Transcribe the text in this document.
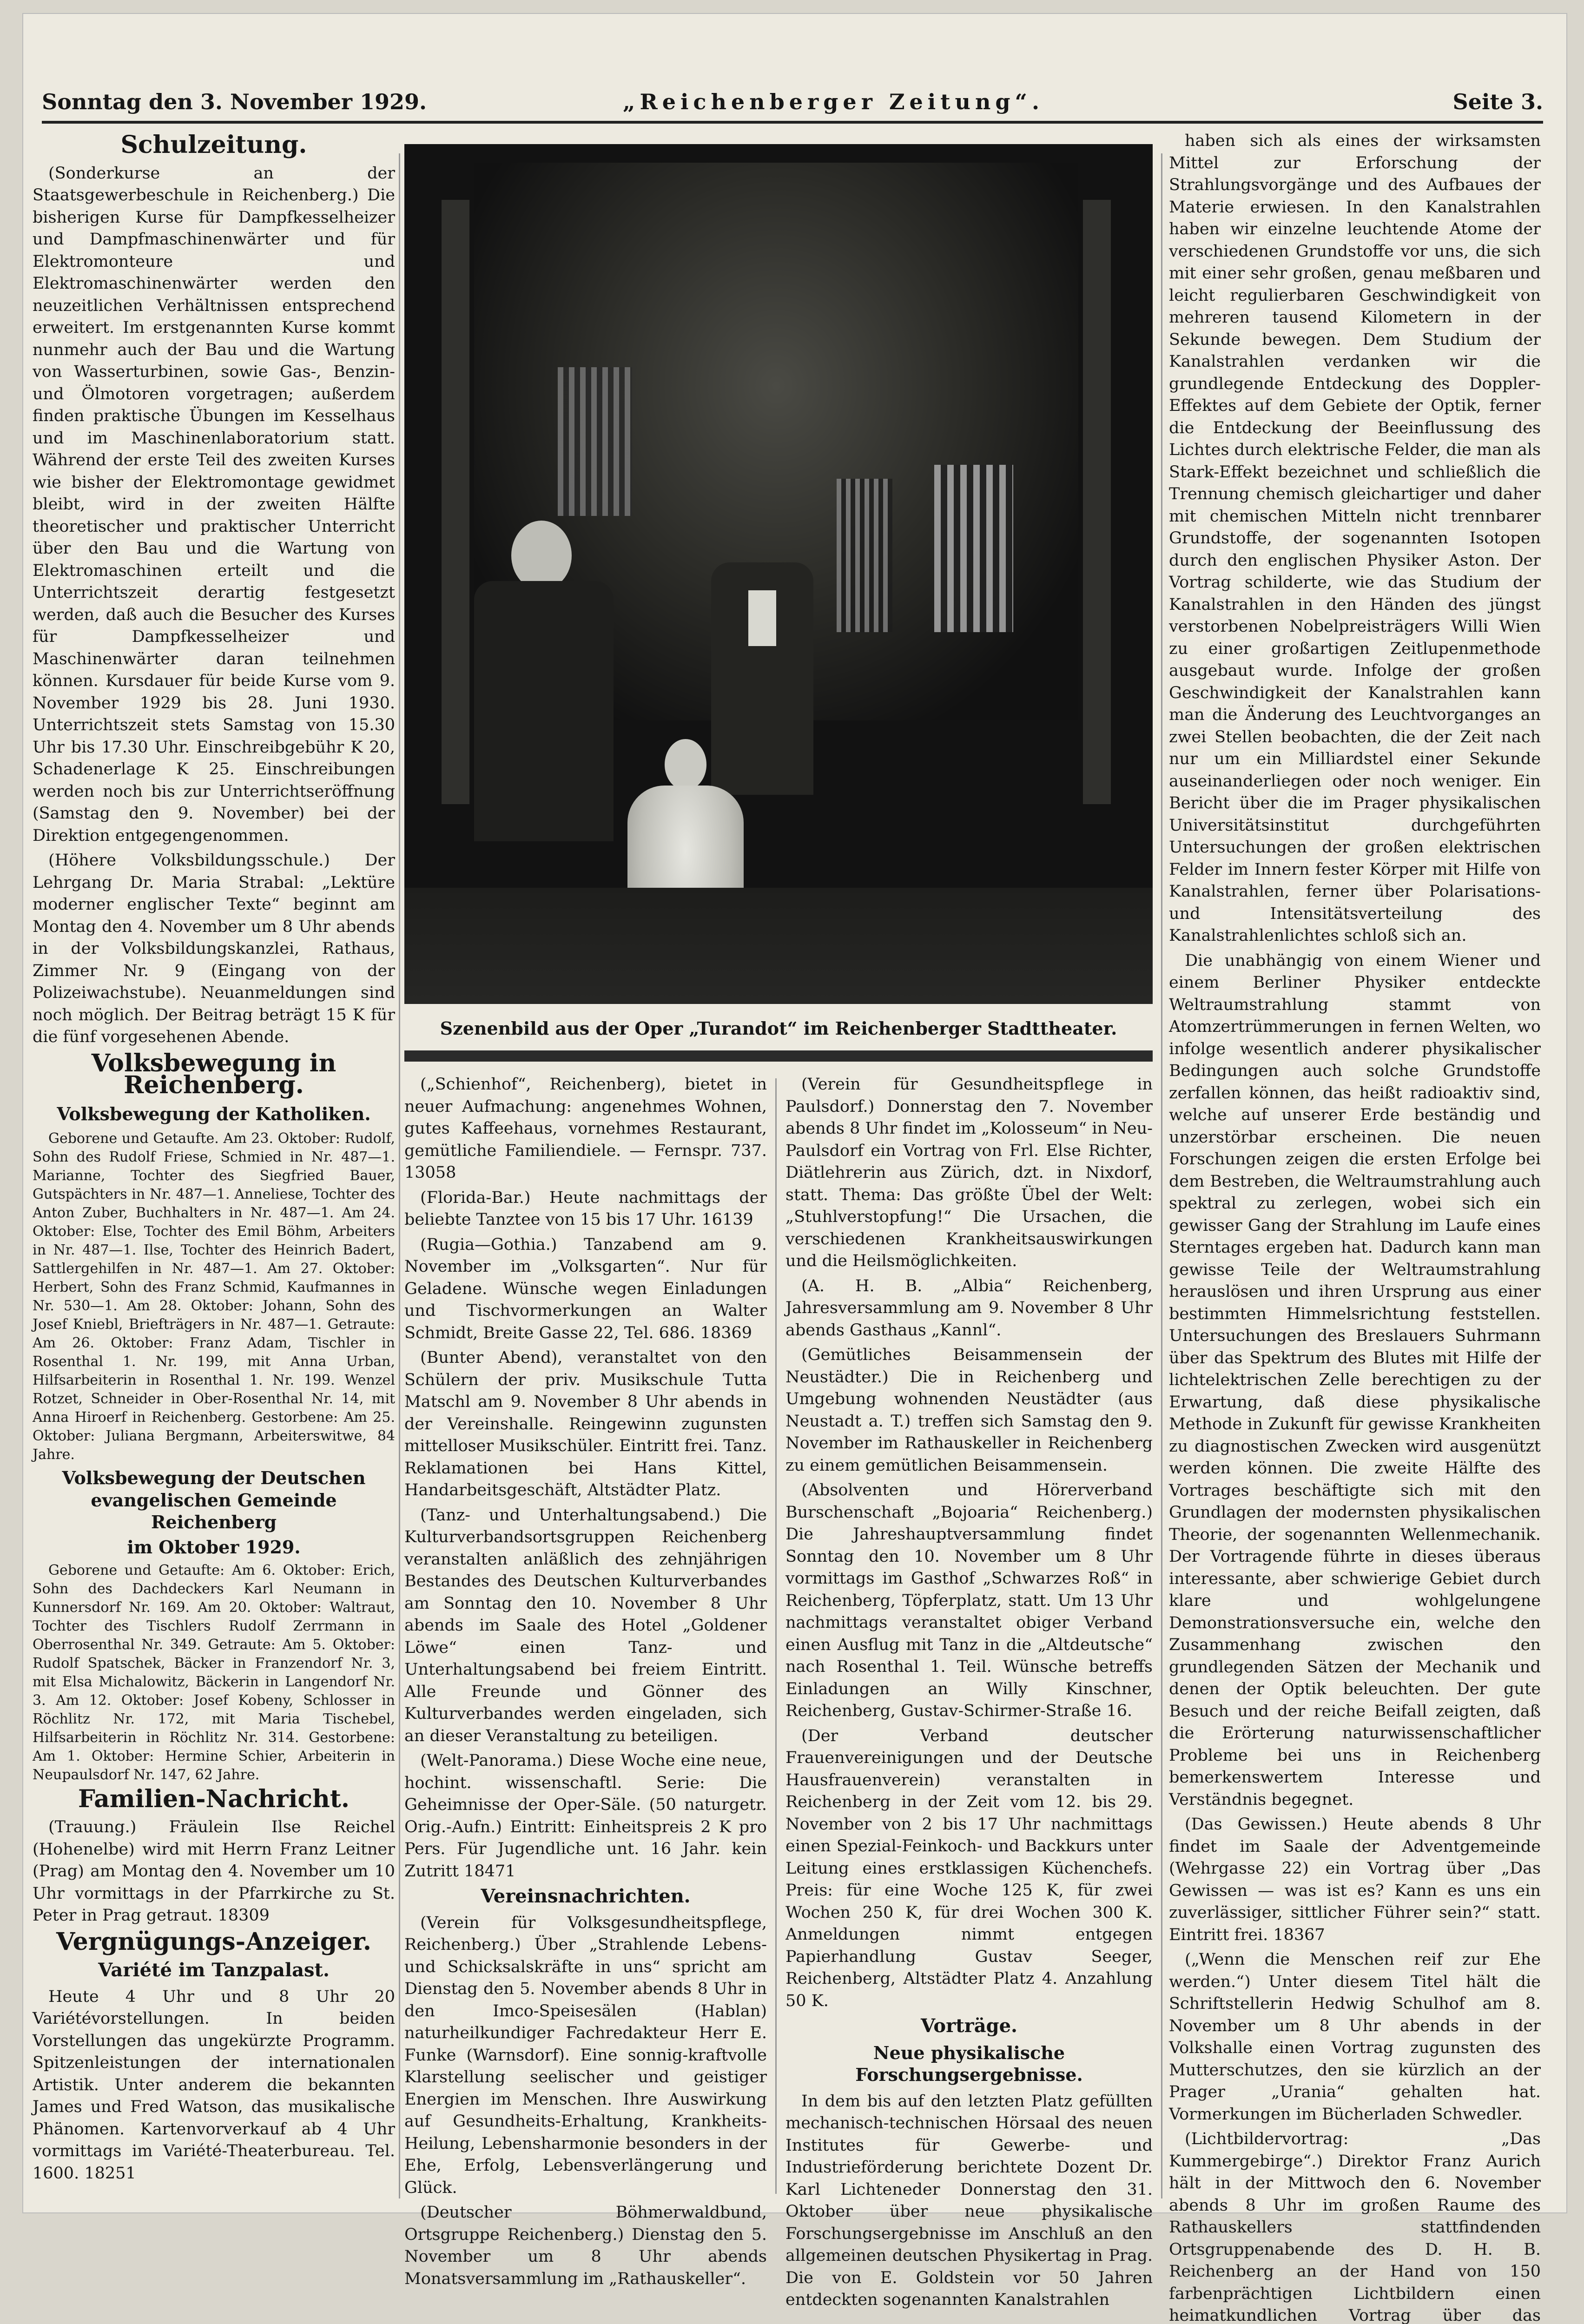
Sonntag den 3. November 1929.	„Reichenberger Zeitung“.	Seite 3.
Schulzeitung.

(Sonderkurse an der Staatsgewerbeschule in Reichenberg.) Die bisherigen Kurse für Dampfkesselheizer und Dampfmaschinenwärter und für Elektromonteure und Elektromaschinenwärter werden den neuzeitlichen Verhältnissen entsprechend erweitert. Im erstgenannten Kurse kommt nunmehr auch der Bau und die Wartung von Wasserturbinen, sowie Gas-, Benzin- und Ölmotoren vorgetragen; außerdem finden praktische Übungen im Kesselhaus und im Maschinenlaboratorium statt. Während der erste Teil des zweiten Kurses wie bisher der Elektromontage gewidmet bleibt, wird in der zweiten Hälfte theoretischer und praktischer Unterricht über den Bau und die Wartung von Elektromaschinen erteilt und die Unterrichtszeit derartig festgesetzt werden, daß auch die Besucher des Kurses für Dampfkesselheizer und Maschinenwärter daran teilnehmen können. Kursdauer für beide Kurse vom 9. November 1929 bis 28. Juni 1930. Unterrichtszeit stets Samstag von 15.30 Uhr bis 17.30 Uhr. Einschreibgebühr K 20, Schadenerlage K 25. Einschreibungen werden noch bis zur Unterrichtseröffnung (Samstag den 9. November) bei der Direktion entgegengenommen.

(Höhere Volksbildungsschule.) Der Lehrgang Dr. Maria Strabal: „Lektüre moderner englischer Texte“ beginnt am Montag den 4. November um 8 Uhr abends in der Volksbildungskanzlei, Rathaus, Zimmer Nr. 9 (Eingang von der Polizeiwachstube). Neuanmeldungen sind noch möglich. Der Beitrag beträgt 15 K für die fünf vorgesehenen Abende.

Volksbewegung in Reichenberg.
Volksbewegung der Katholiken.

Geborene und Getaufte. Am 23. Oktober: Rudolf, Sohn des Rudolf Friese, Schmied in Nr. 487—1. Marianne, Tochter des Siegfried Bauer, Gutspächters in Nr. 487—1. Anneliese, Tochter des Anton Zuber, Buchhalters in Nr. 487—1. Am 24. Oktober: Else, Tochter des Emil Böhm, Arbeiters in Nr. 487—1. Ilse, Tochter des Heinrich Badert, Sattlergehilfen in Nr. 487—1. Am 27. Oktober: Herbert, Sohn des Franz Schmid, Kaufmannes in Nr. 530—1. Am 28. Oktober: Johann, Sohn des Josef Kniebl, Briefträgers in Nr. 487—1. Getraute: Am 26. Oktober: Franz Adam, Tischler in Rosenthal 1. Nr. 199, mit Anna Urban, Hilfsarbeiterin in Rosenthal 1. Nr. 199. Wenzel Rotzet, Schneider in Ober-Rosenthal Nr. 14, mit Anna Hiroerf in Reichenberg. Gestorbene: Am 25. Oktober: Juliana Bergmann, Arbeiterswitwe, 84 Jahre.

Volksbewegung der Deutschen evangelischen Gemeinde Reichenberg
im Oktober 1929.

Geborene und Getaufte: Am 6. Oktober: Erich, Sohn des Dachdeckers Karl Neumann in Kunnersdorf Nr. 169. Am 20. Oktober: Waltraut, Tochter des Tischlers Rudolf Zerrmann in Oberrosenthal Nr. 349. Getraute: Am 5. Oktober: Rudolf Spatschek, Bäcker in Franzendorf Nr. 3, mit Elsa Michalowitz, Bäckerin in Langendorf Nr. 3. Am 12. Oktober: Josef Kobeny, Schlosser in Röchlitz Nr. 172, mit Maria Tischebel, Hilfsarbeiterin in Röchlitz Nr. 314. Gestorbene: Am 1. Oktober: Hermine Schier, Arbeiterin in Neupaulsdorf Nr. 147, 62 Jahre.

Familien-Nachricht.

(Trauung.) Fräulein Ilse Reichel (Hohenelbe) wird mit Herrn Franz Leitner (Prag) am Montag den 4. November um 10 Uhr vormittags in der Pfarrkirche zu St. Peter in Prag getraut. 18309

Vergnügungs-Anzeiger.
Variété im Tanzpalast.

Heute 4 Uhr und 8 Uhr 20 Variétévorstellungen. In beiden Vorstellungen das ungekürzte Programm. Spitzenleistungen der internationalen Artistik. Unter anderem die bekannten James und Fred Watson, das musikalische Phänomen. Kartenvorverkauf ab 4 Uhr vormittags im Variété-Theaterbureau. Tel. 1600. 18251

Szenenbild aus der Oper „Turandot“ im Reichenberger Stadttheater.

(„Schienhof“, Reichenberg), bietet in neuer Aufmachung: angenehmes Wohnen, gutes Kaffeehaus, vornehmes Restaurant, gemütliche Familiendiele. — Fernspr. 737. 13058

(Florida-Bar.) Heute nachmittags der beliebte Tanztee von 15 bis 17 Uhr. 16139

(Rugia—Gothia.) Tanzabend am 9. November im „Volksgarten“. Nur für Geladene. Wünsche wegen Einladungen und Tischvormerkungen an Walter Schmidt, Breite Gasse 22, Tel. 686. 18369

(Bunter Abend), veranstaltet von den Schülern der priv. Musikschule Tutta Matschl am 9. November 8 Uhr abends in der Vereinshalle. Reingewinn zugunsten mittelloser Musikschüler. Eintritt frei. Tanz. Reklamationen bei Hans Kittel, Handarbeitsgeschäft, Altstädter Platz.

(Tanz- und Unterhaltungsabend.) Die Kulturverbandsortsgruppen Reichenberg veranstalten anläßlich des zehnjährigen Bestandes des Deutschen Kulturverbandes am Sonntag den 10. November 8 Uhr abends im Saale des Hotel „Goldener Löwe“ einen Tanz- und Unterhaltungsabend bei freiem Eintritt. Alle Freunde und Gönner des Kulturverbandes werden eingeladen, sich an dieser Veranstaltung zu beteiligen.

(Welt-Panorama.) Diese Woche eine neue, hochint. wissenschaftl. Serie: Die Geheimnisse der Oper-Säle. (50 naturgetr. Orig.-Aufn.) Eintritt: Einheitspreis 2 K pro Pers. Für Jugendliche unt. 16 Jahr. kein Zutritt 18471

Vereinsnachrichten.

(Verein für Volksgesundheitspflege, Reichenberg.) Über „Strahlende Lebens- und Schicksalskräfte in uns“ spricht am Dienstag den 5. November abends 8 Uhr in den Imco-Speisesälen (Hablan) naturheilkundiger Fachredakteur Herr E. Funke (Warnsdorf). Eine sonnig-kraftvolle Klarstellung seelischer und geistiger Energien im Menschen. Ihre Auswirkung auf Gesundheits-Erhaltung, Krankheits-Heilung, Lebensharmonie besonders in der Ehe, Erfolg, Lebensverlängerung und Glück.

(Deutscher Böhmerwaldbund, Ortsgruppe Reichenberg.) Dienstag den 5. November um 8 Uhr abends Monatsversammlung im „Rathauskeller“.

(Verein für Gesundheitspflege in Paulsdorf.) Donnerstag den 7. November abends 8 Uhr findet im „Kolosseum“ in Neu-Paulsdorf ein Vortrag von Frl. Else Richter, Diätlehrerin aus Zürich, dzt. in Nixdorf, statt. Thema: Das größte Übel der Welt: „Stuhlverstopfung!“ Die Ursachen, die verschiedenen Krankheitsauswirkungen und die Heilsmöglichkeiten.

(A. H. B. „Albia“ Reichenberg, Jahresversammlung am 9. November 8 Uhr abends Gasthaus „Kannl“.

(Gemütliches Beisammensein der Neustädter.) Die in Reichenberg und Umgebung wohnenden Neustädter (aus Neustadt a. T.) treffen sich Samstag den 9. November im Rathauskeller in Reichenberg zu einem gemütlichen Beisammensein.

(Absolventen und Hörerverband Burschenschaft „Bojoaria“ Reichenberg.) Die Jahreshauptversammlung findet Sonntag den 10. November um 8 Uhr vormittags im Gasthof „Schwarzes Roß“ in Reichenberg, Töpferplatz, statt. Um 13 Uhr nachmittags veranstaltet obiger Verband einen Ausflug mit Tanz in die „Altdeutsche“ nach Rosenthal 1. Teil. Wünsche betreffs Einladungen an Willy Kinschner, Reichenberg, Gustav-Schirmer-Straße 16.

(Der Verband deutscher Frauenvereinigungen und der Deutsche Hausfrauenverein) veranstalten in Reichenberg in der Zeit vom 12. bis 29. November von 2 bis 17 Uhr nachmittags einen Spezial-Feinkoch- und Backkurs unter Leitung eines erstklassigen Küchenchefs. Preis: für eine Woche 125 K, für zwei Wochen 250 K, für drei Wochen 300 K. Anmeldungen nimmt entgegen Papierhandlung Gustav Seeger, Reichenberg, Altstädter Platz 4. Anzahlung 50 K.

Vorträge.
Neue physikalische Forschungsergebnisse.

In dem bis auf den letzten Platz gefüllten mechanisch-technischen Hörsaal des neuen Institutes für Gewerbe- und Industrieförderung berichtete Dozent Dr. Karl Lichteneder Donnerstag den 31. Oktober über neue physikalische Forschungsergebnisse im Anschluß an den allgemeinen deutschen Physikertag in Prag. Die von E. Goldstein vor 50 Jahren entdeckten sogenannten Kanalstrahlen

haben sich als eines der wirksamsten Mittel zur Erforschung der Strahlungsvorgänge und des Aufbaues der Materie erwiesen. In den Kanalstrahlen haben wir einzelne leuchtende Atome der verschiedenen Grundstoffe vor uns, die sich mit einer sehr großen, genau meßbaren und leicht regulierbaren Geschwindigkeit von mehreren tausend Kilometern in der Sekunde bewegen. Dem Studium der Kanalstrahlen verdanken wir die grundlegende Entdeckung des Doppler-Effektes auf dem Gebiete der Optik, ferner die Entdeckung der Beeinflussung des Lichtes durch elektrische Felder, die man als Stark-Effekt bezeichnet und schließlich die Trennung chemisch gleichartiger und daher mit chemischen Mitteln nicht trennbarer Grundstoffe, der sogenannten Isotopen durch den englischen Physiker Aston. Der Vortrag schilderte, wie das Studium der Kanalstrahlen in den Händen des jüngst verstorbenen Nobelpreisträgers Willi Wien zu einer großartigen Zeitlupenmethode ausgebaut wurde. Infolge der großen Geschwindigkeit der Kanalstrahlen kann man die Änderung des Leuchtvorganges an zwei Stellen beobachten, die der Zeit nach nur um ein Milliardstel einer Sekunde auseinanderliegen oder noch weniger. Ein Bericht über die im Prager physikalischen Universitätsinstitut durchgeführten Untersuchungen der großen elektrischen Felder im Innern fester Körper mit Hilfe von Kanalstrahlen, ferner über Polarisations- und Intensitätsverteilung des Kanalstrahlenlichtes schloß sich an.

Die unabhängig von einem Wiener und einem Berliner Physiker entdeckte Weltraumstrahlung stammt von Atomzertrümmerungen in fernen Welten, wo infolge wesentlich anderer physikalischer Bedingungen auch solche Grundstoffe zerfallen können, das heißt radioaktiv sind, welche auf unserer Erde beständig und unzerstörbar erscheinen. Die neuen Forschungen zeigen die ersten Erfolge bei dem Bestreben, die Weltraumstrahlung auch spektral zu zerlegen, wobei sich ein gewisser Gang der Strahlung im Laufe eines Sterntages ergeben hat. Dadurch kann man gewisse Teile der Weltraumstrahlung herauslösen und ihren Ursprung aus einer bestimmten Himmelsrichtung feststellen. Untersuchungen des Breslauers Suhrmann über das Spektrum des Blutes mit Hilfe der lichtelektrischen Zelle berechtigen zu der Erwartung, daß diese physikalische Methode in Zukunft für gewisse Krankheiten zu diagnostischen Zwecken wird ausgenützt werden können. Die zweite Hälfte des Vortrages beschäftigte sich mit den Grundlagen der modernsten physikalischen Theorie, der sogenannten Wellenmechanik. Der Vortragende führte in dieses überaus interessante, aber schwierige Gebiet durch klare und wohlgelungene Demonstrationsversuche ein, welche den Zusammenhang zwischen den grundlegenden Sätzen der Mechanik und denen der Optik beleuchten. Der gute Besuch und der reiche Beifall zeigten, daß die Erörterung naturwissenschaftlicher Probleme bei uns in Reichenberg bemerkenswertem Interesse und Verständnis begegnet.

(Das Gewissen.) Heute abends 8 Uhr findet im Saale der Adventgemeinde (Wehrgasse 22) ein Vortrag über „Das Gewissen — was ist es? Kann es uns ein zuverlässiger, sittlicher Führer sein?“ statt. Eintritt frei. 18367

(„Wenn die Menschen reif zur Ehe werden.“) Unter diesem Titel hält die Schriftstellerin Hedwig Schulhof am 8. November um 8 Uhr abends in der Volkshalle einen Vortrag zugunsten des Mutterschutzes, den sie kürzlich an der Prager „Urania“ gehalten hat. Vormerkungen im Bücherladen Schwedler.

(Lichtbildervortrag: „Das Kummergebirge“.) Direktor Franz Aurich hält in der Mittwoch den 6. November abends 8 Uhr im großen Raume des Rathauskellers stattfindenden Ortsgruppenabende des D. H. B. Reichenberg an der Hand von 150 farbenprächtigen Lichtbildern einen heimatkundlichen Vortrag über das
